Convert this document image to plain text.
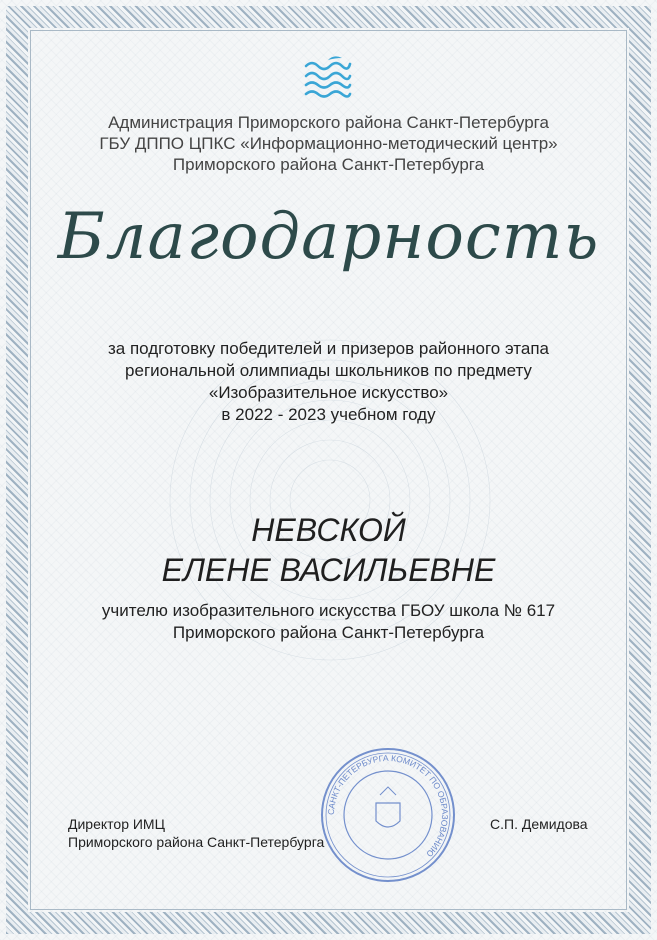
Администрация Приморского района Санкт-Петербурга
ГБУ ДППО ЦПКС «Информационно-методический центр»
Приморского района Санкт-Петербурга
Благодарность
за подготовку победителей и призеров районного этапа
региональной олимпиады школьников по предмету
«Изобразительное искусство»
в 2022 - 2023 учебном году
НЕВСКОЙ
ЕЛЕНЕ ВАСИЛЬЕВНЕ
учителю изобразительного искусства ГБОУ школа № 617
Приморского района Санкт-Петербурга
Директор ИМЦ
Приморского района Санкт-Петербурга
С.П. Демидова
САНКТ-ПЕТЕРБУРГА КОМИТЕТ ПО ОБРАЗОВАНИЮ
